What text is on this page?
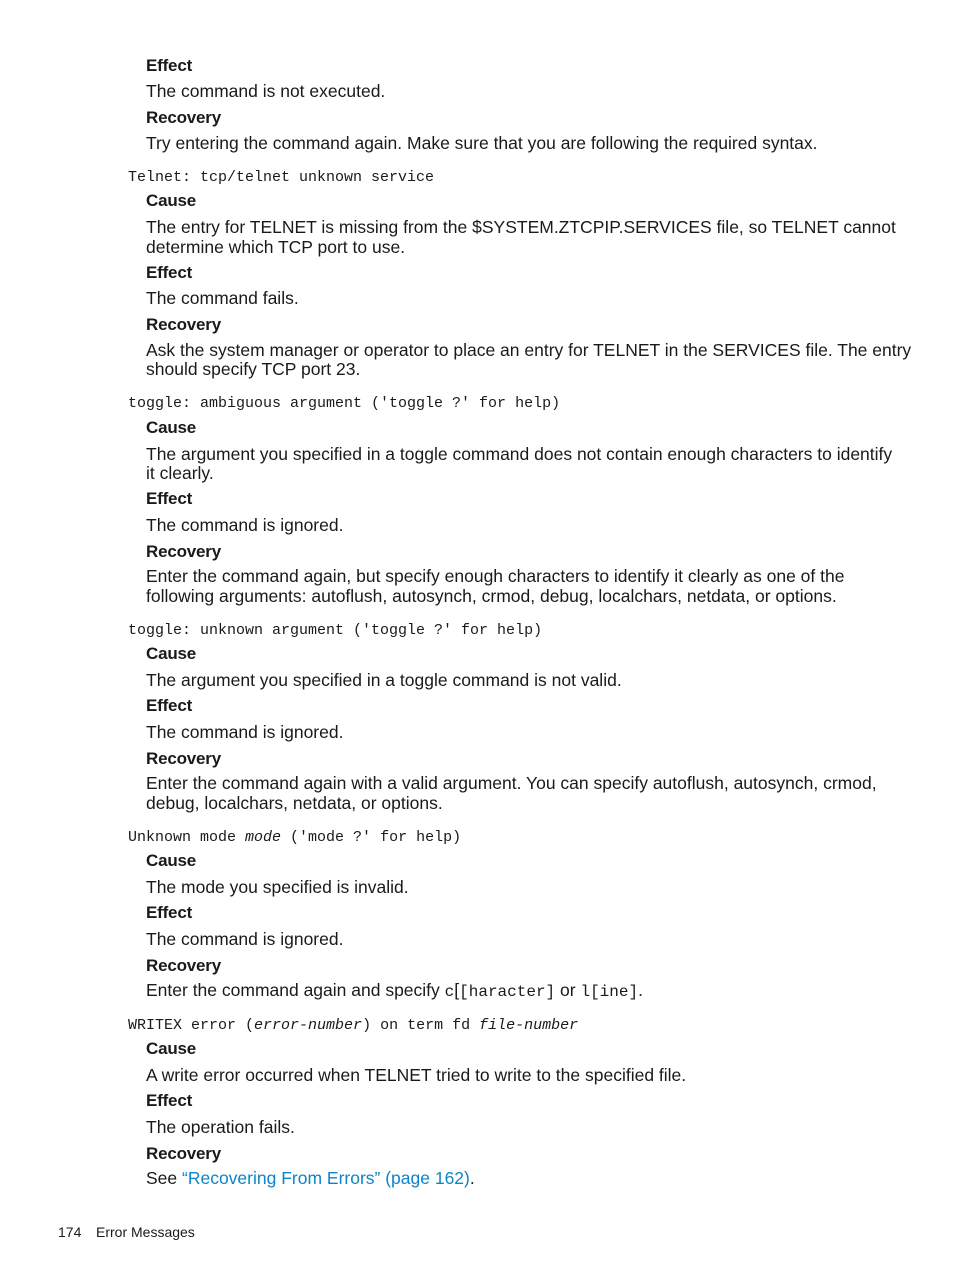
Effect
The command is not executed.
Recovery
Try entering the command again. Make sure that you are following the required syntax.
Telnet: tcp/telnet unknown service
Cause
The entry for TELNET is missing from the $SYSTEM.ZTCPIP.SERVICES file, so TELNET cannot
determine which TCP port to use.
Effect
The command fails.
Recovery
Ask the system manager or operator to place an entry for TELNET in the SERVICES file. The entry
should specify TCP port 23.
toggle: ambiguous argument ('toggle ?' for help)
Cause
The argument you specified in a toggle command does not contain enough characters to identify
it clearly.
Effect
The command is ignored.
Recovery
Enter the command again, but specify enough characters to identify it clearly as one of the
following arguments: autoflush, autosynch, crmod, debug, localchars, netdata, or options.
toggle: unknown argument ('toggle ?' for help)
Cause
The argument you specified in a toggle command is not valid.
Effect
The command is ignored.
Recovery
Enter the command again with a valid argument. You can specify autoflush, autosynch, crmod,
debug, localchars, netdata, or options.
Unknown mode mode ('mode ?' for help)
Cause
The mode you specified is invalid.
Effect
The command is ignored.
Recovery
Enter the command again and specify c[[haracter] or l[ine].
WRITEX error (error-number) on term fd file-number
Cause
A write error occurred when TELNET tried to write to the specified file.
Effect
The operation fails.
Recovery
See “Recovering From Errors” (page 162).
174 Error Messages
